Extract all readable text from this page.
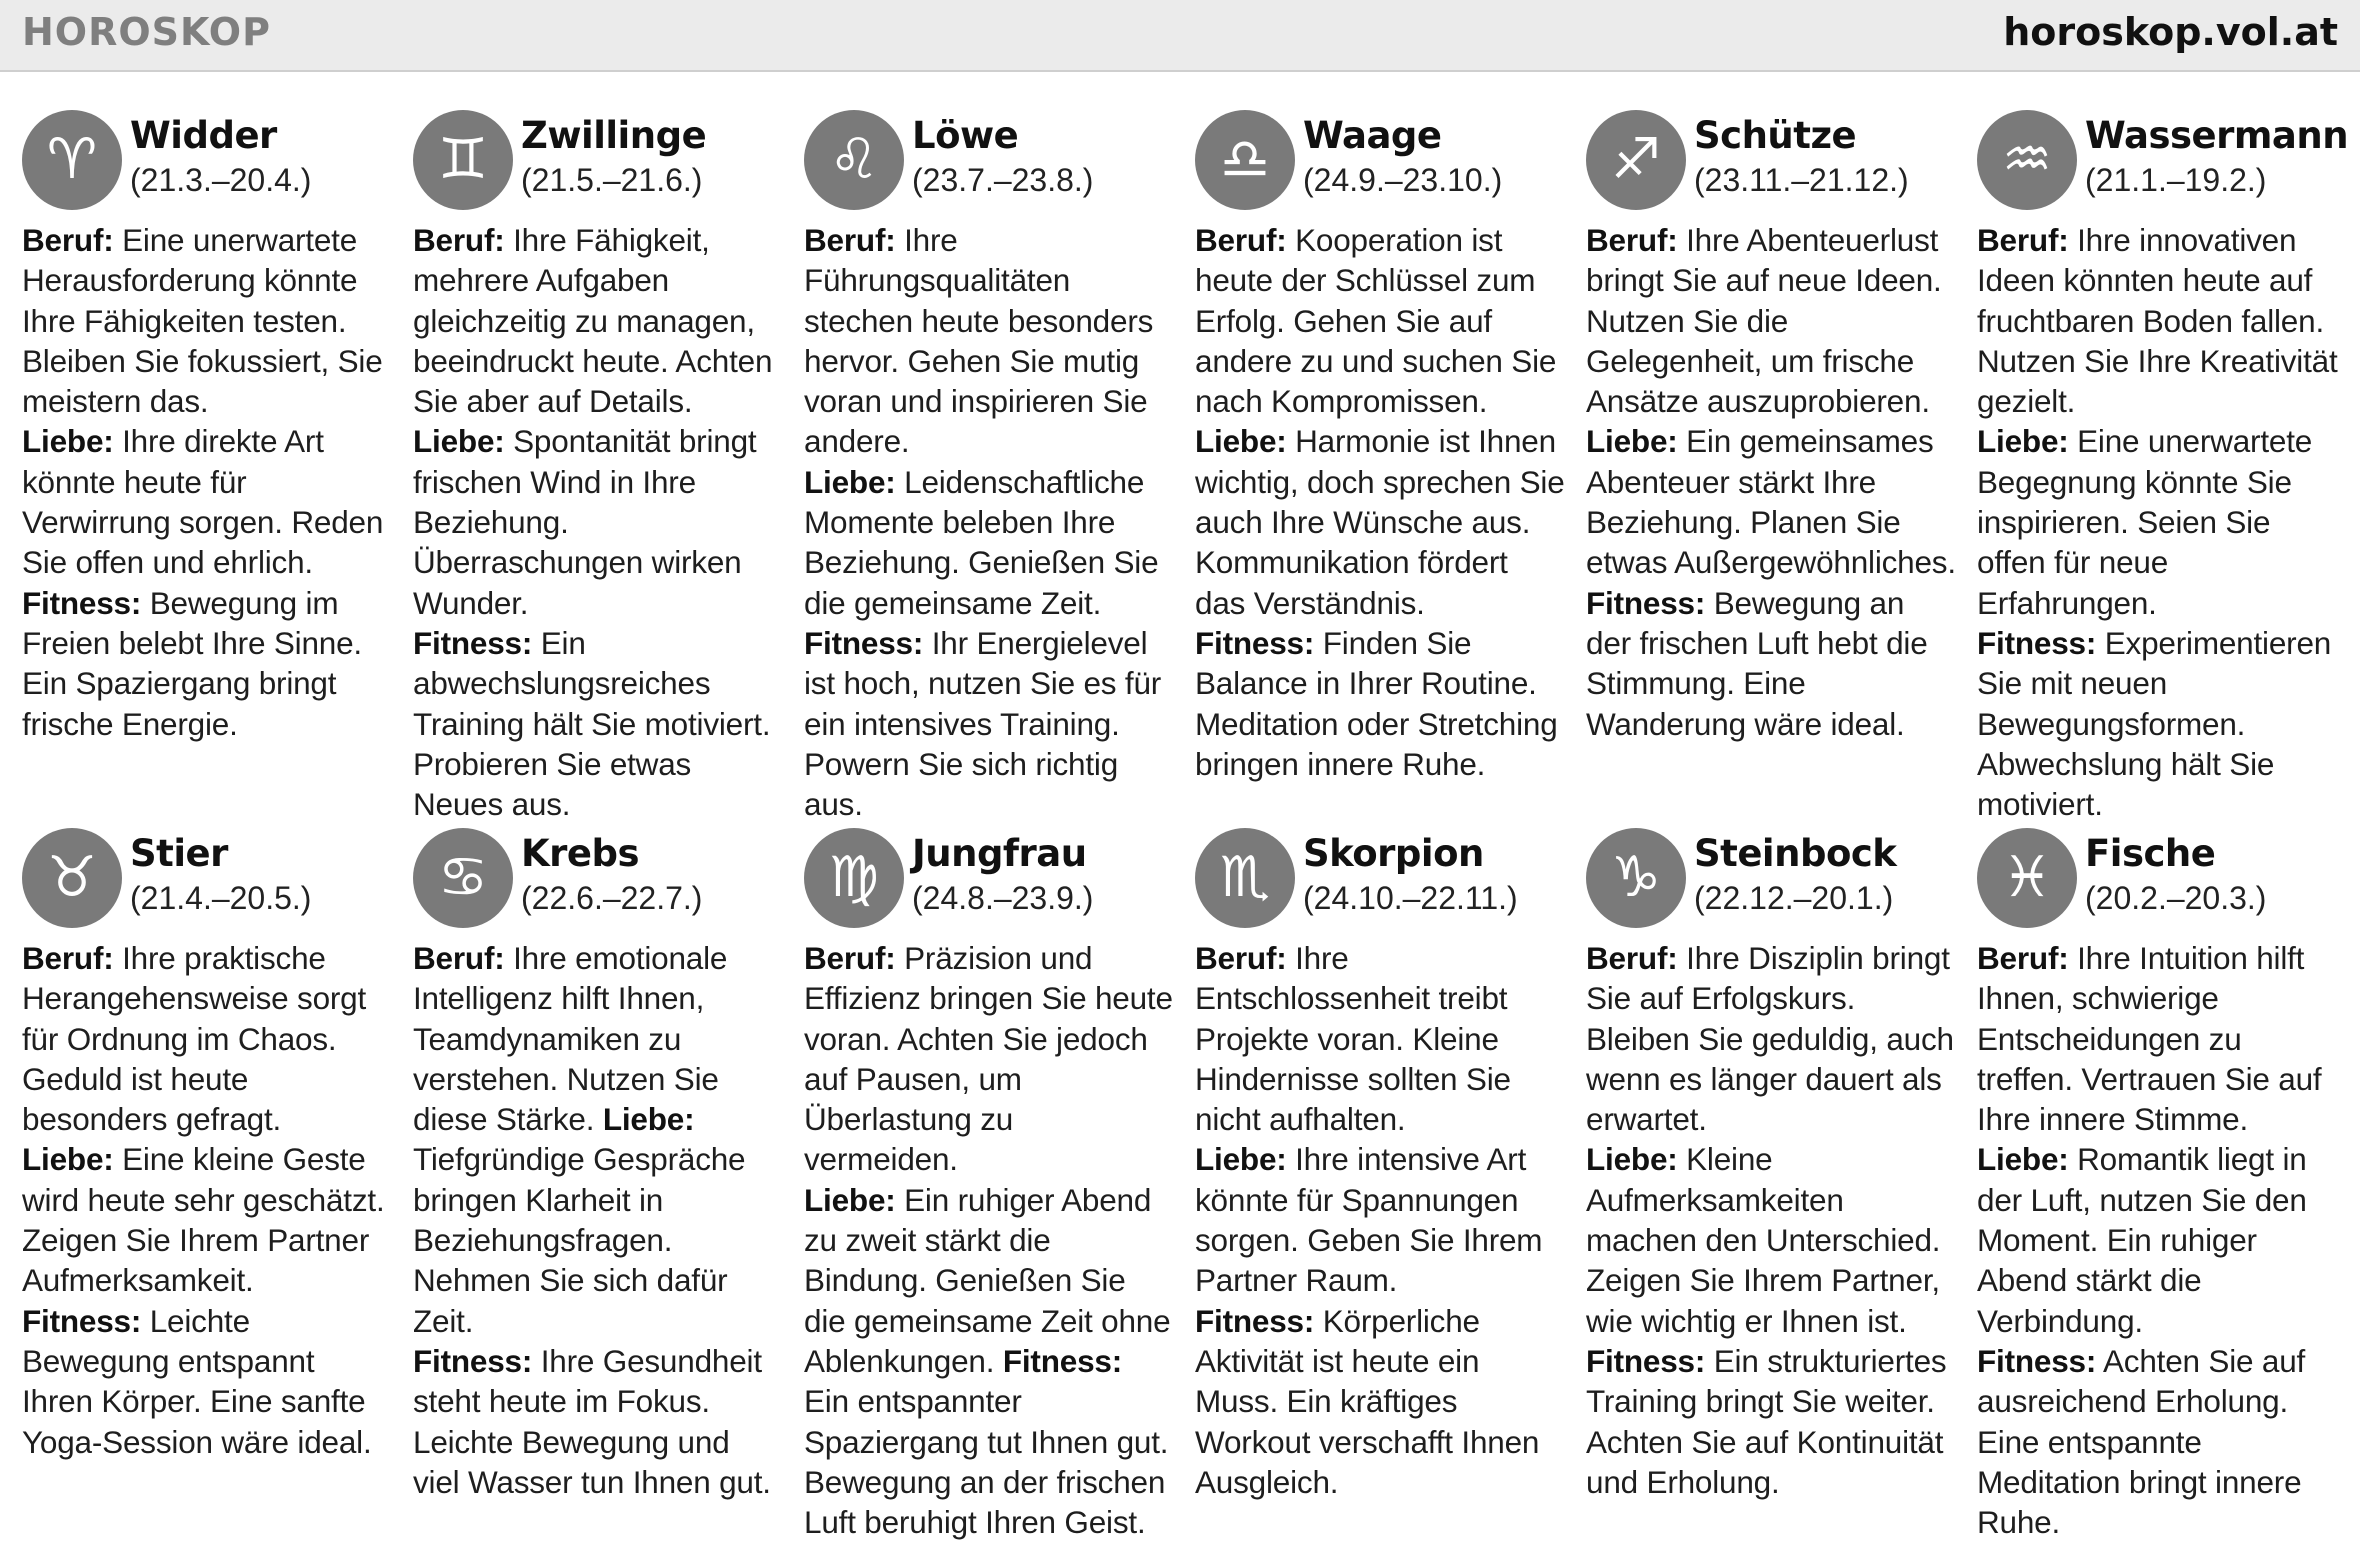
HOROSKOP	horoskop.vol.at
♈ Widder
(21.3.–20.4.)
Beruf: Eine unerwartete Herausforderung könnte Ihre Fähigkeiten testen. Bleiben Sie fokussiert, Sie meistern das.
Liebe: Ihre direkte Art könnte heute für Verwirrung sorgen. Reden Sie offen und ehrlich.
Fitness: Bewegung im Freien belebt Ihre Sinne. Ein Spaziergang bringt frische Energie.
♊ Zwillinge
(21.5.–21.6.)
Beruf: Ihre Fähigkeit, mehrere Aufgaben gleichzeitig zu managen, beeindruckt heute. Achten Sie aber auf Details.
Liebe: Spontanität bringt frischen Wind in Ihre Beziehung. Überraschungen wirken Wunder.
Fitness: Ein abwechslungsreiches Training hält Sie motiviert. Probieren Sie etwas Neues aus.
♌ Löwe
(23.7.–23.8.)
Beruf: Ihre Führungsqualitäten stechen heute besonders hervor. Gehen Sie mutig voran und inspirieren Sie andere.
Liebe: Leidenschaftliche Momente beleben Ihre Beziehung. Genießen Sie die gemeinsame Zeit.
Fitness: Ihr Energielevel ist hoch, nutzen Sie es für ein intensives Training. Powern Sie sich richtig aus.
♎ Waage
(24.9.–23.10.)
Beruf: Kooperation ist heute der Schlüssel zum Erfolg. Gehen Sie auf andere zu und suchen Sie nach Kompromissen.
Liebe: Harmonie ist Ihnen wichtig, doch sprechen Sie auch Ihre Wünsche aus. Kommunikation fördert das Verständnis.
Fitness: Finden Sie Balance in Ihrer Routine. Meditation oder Stretching bringen innere Ruhe.
♐ Schütze
(23.11.–21.12.)
Beruf: Ihre Abenteuerlust bringt Sie auf neue Ideen. Nutzen Sie die Gelegenheit, um frische Ansätze auszuprobieren.
Liebe: Ein gemeinsames Abenteuer stärkt Ihre Beziehung. Planen Sie etwas Außergewöhnliches.
Fitness: Bewegung an der frischen Luft hebt die Stimmung. Eine Wanderung wäre ideal.
♒ Wassermann
(21.1.–19.2.)
Beruf: Ihre innovativen Ideen könnten heute auf fruchtbaren Boden fallen. Nutzen Sie Ihre Kreativität gezielt.
Liebe: Eine unerwartete Begegnung könnte Sie inspirieren. Seien Sie offen für neue Erfahrungen.
Fitness: Experimentieren Sie mit neuen Bewegungsformen. Abwechslung hält Sie motiviert.
♉ Stier
(21.4.–20.5.)
Beruf: Ihre praktische Herangehensweise sorgt für Ordnung im Chaos. Geduld ist heute besonders gefragt.
Liebe: Eine kleine Geste wird heute sehr geschätzt. Zeigen Sie Ihrem Partner Aufmerksamkeit.
Fitness: Leichte Bewegung entspannt Ihren Körper. Eine sanfte Yoga-Session wäre ideal.
♋ Krebs
(22.6.–22.7.)
Beruf: Ihre emotionale Intelligenz hilft Ihnen, Teamdynamiken zu verstehen. Nutzen Sie diese Stärke. Liebe: Tiefgründige Gespräche bringen Klarheit in Beziehungsfragen. Nehmen Sie sich dafür Zeit.
Fitness: Ihre Gesundheit steht heute im Fokus. Leichte Bewegung und viel Wasser tun Ihnen gut.
♍ Jungfrau
(24.8.–23.9.)
Beruf: Präzision und Effizienz bringen Sie heute voran. Achten Sie jedoch auf Pausen, um Überlastung zu vermeiden.
Liebe: Ein ruhiger Abend zu zweit stärkt die Bindung. Genießen Sie die gemeinsame Zeit ohne Ablenkungen. Fitness: Ein entspannter Spaziergang tut Ihnen gut. Bewegung an der frischen Luft beruhigt Ihren Geist.
♏ Skorpion
(24.10.–22.11.)
Beruf: Ihre Entschlossenheit treibt Projekte voran. Kleine Hindernisse sollten Sie nicht aufhalten.
Liebe: Ihre intensive Art könnte für Spannungen sorgen. Geben Sie Ihrem Partner Raum.
Fitness: Körperliche Aktivität ist heute ein Muss. Ein kräftiges Workout verschafft Ihnen Ausgleich.
♑ Steinbock
(22.12.–20.1.)
Beruf: Ihre Disziplin bringt Sie auf Erfolgskurs. Bleiben Sie geduldig, auch wenn es länger dauert als erwartet.
Liebe: Kleine Aufmerksamkeiten machen den Unterschied. Zeigen Sie Ihrem Partner, wie wichtig er Ihnen ist.
Fitness: Ein strukturiertes Training bringt Sie weiter. Achten Sie auf Kontinuität und Erholung.
♓ Fische
(20.2.–20.3.)
Beruf: Ihre Intuition hilft Ihnen, schwierige Entscheidungen zu treffen. Vertrauen Sie auf Ihre innere Stimme.
Liebe: Romantik liegt in der Luft, nutzen Sie den Moment. Ein ruhiger Abend stärkt die Verbindung.
Fitness: Achten Sie auf ausreichend Erholung. Eine entspannte Meditation bringt innere Ruhe.
